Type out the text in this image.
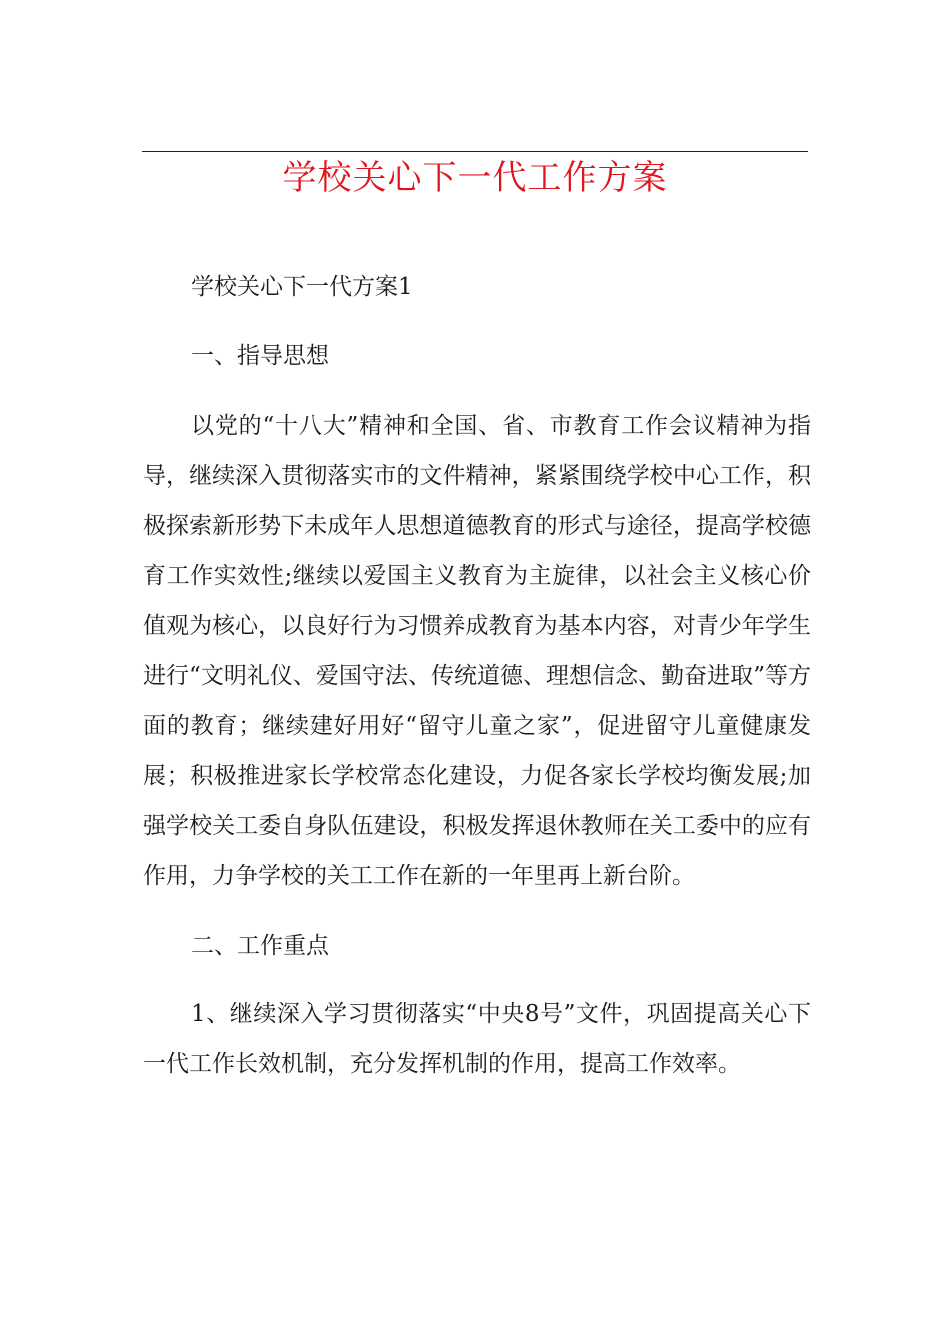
学校关心下一代工作方案

学校关心下一代方案1

一、指导思想

以党的“十八大”精神和全国、省、市教育工作会议精神为指导，继续深入贯彻落实市的文件精神，紧紧围绕学校中心工作，积极探索新形势下未成年人思想道德教育的形式与途径，提高学校德育工作实效性;继续以爱国主义教育为主旋律，以社会主义核心价值观为核心，以良好行为习惯养成教育为基本内容，对青少年学生进行“文明礼仪、爱国守法、传统道德、理想信念、勤奋进取”等方面的教育；继续建好用好“留守儿童之家”，促进留守儿童健康发展；积极推进家长学校常态化建设，力促各家长学校均衡发展;加强学校关工委自身队伍建设，积极发挥退休教师在关工委中的应有作用，力争学校的关工工作在新的一年里再上新台阶。

二、工作重点

1、继续深入学习贯彻落实“中央8号”文件，巩固提高关心下一代工作长效机制，充分发挥机制的作用，提高工作效率。
